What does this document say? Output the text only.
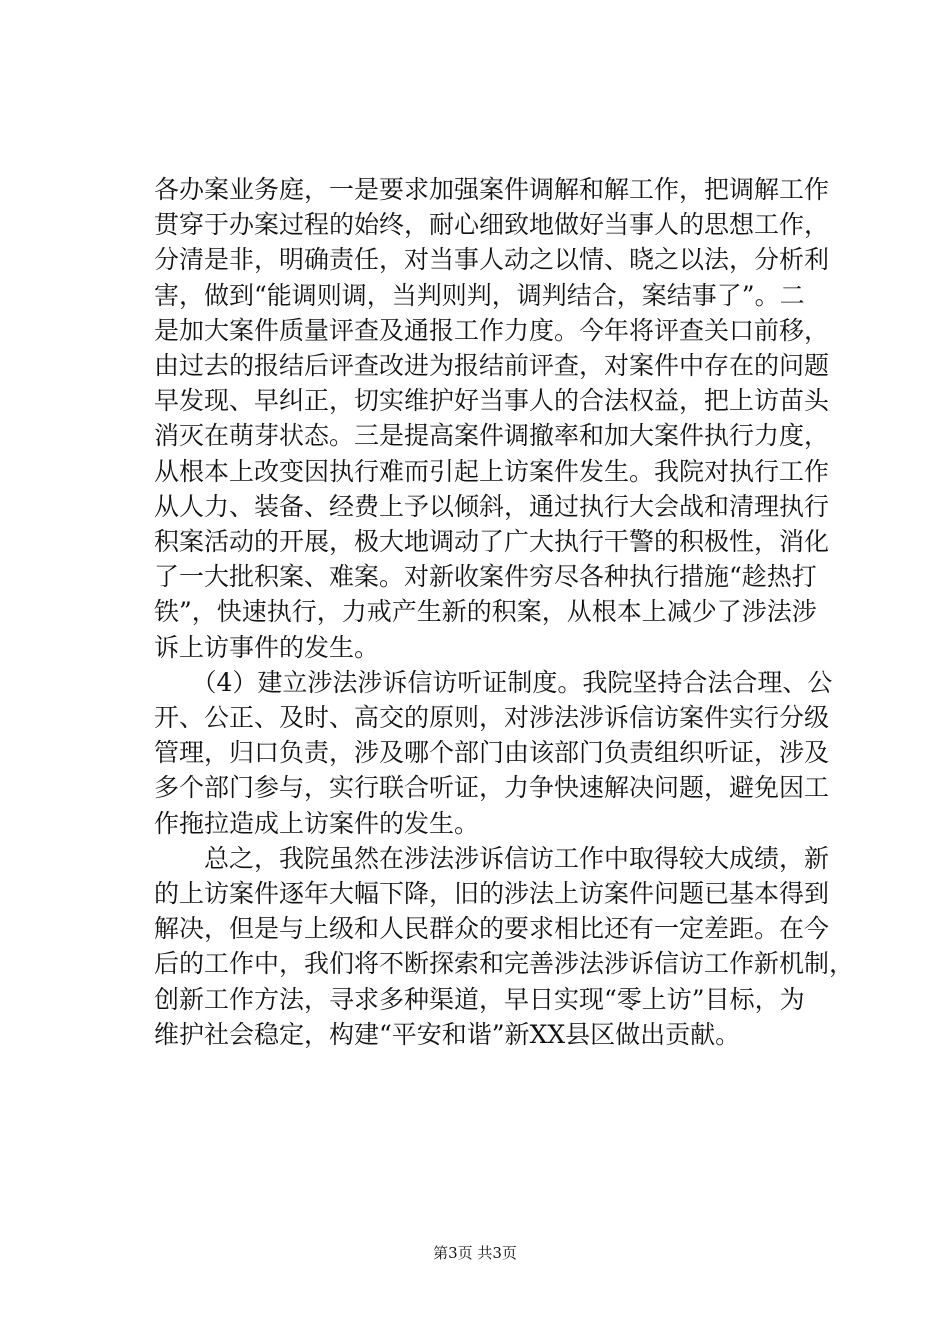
各办案业务庭，一是要求加强案件调解和解工作，把调解工作
贯穿于办案过程的始终，耐心细致地做好当事人的思想工作，
分清是非，明确责任，对当事人动之以情、晓之以法，分析利
害，做到“能调则调，当判则判，调判结合，案结事了”。二
是加大案件质量评查及通报工作力度。今年将评查关口前移，
由过去的报结后评查改进为报结前评查，对案件中存在的问题
早发现、早纠正，切实维护好当事人的合法权益，把上访苗头
消灭在萌芽状态。三是提高案件调撤率和加大案件执行力度，
从根本上改变因执行难而引起上访案件发生。我院对执行工作
从人力、装备、经费上予以倾斜，通过执行大会战和清理执行
积案活动的开展，极大地调动了广大执行干警的积极性，消化
了一大批积案、难案。对新收案件穷尽各种执行措施“趁热打
铁”，快速执行，力戒产生新的积案，从根本上减少了涉法涉
诉上访事件的发生。
　　（4）建立涉法涉诉信访听证制度。我院坚持合法合理、公
开、公正、及时、高交的原则，对涉法涉诉信访案件实行分级
管理，归口负责，涉及哪个部门由该部门负责组织听证，涉及
多个部门参与，实行联合听证，力争快速解决问题，避免因工
作拖拉造成上访案件的发生。
　　总之，我院虽然在涉法涉诉信访工作中取得较大成绩，新
的上访案件逐年大幅下降，旧的涉法上访案件问题已基本得到
解决，但是与上级和人民群众的要求相比还有一定差距。在今
后的工作中，我们将不断探索和完善涉法涉诉信访工作新机制，
创新工作方法，寻求多种渠道，早日实现“零上访”目标，为
维护社会稳定，构建“平安和谐”新XX县区做出贡献。
第3页 共3页
